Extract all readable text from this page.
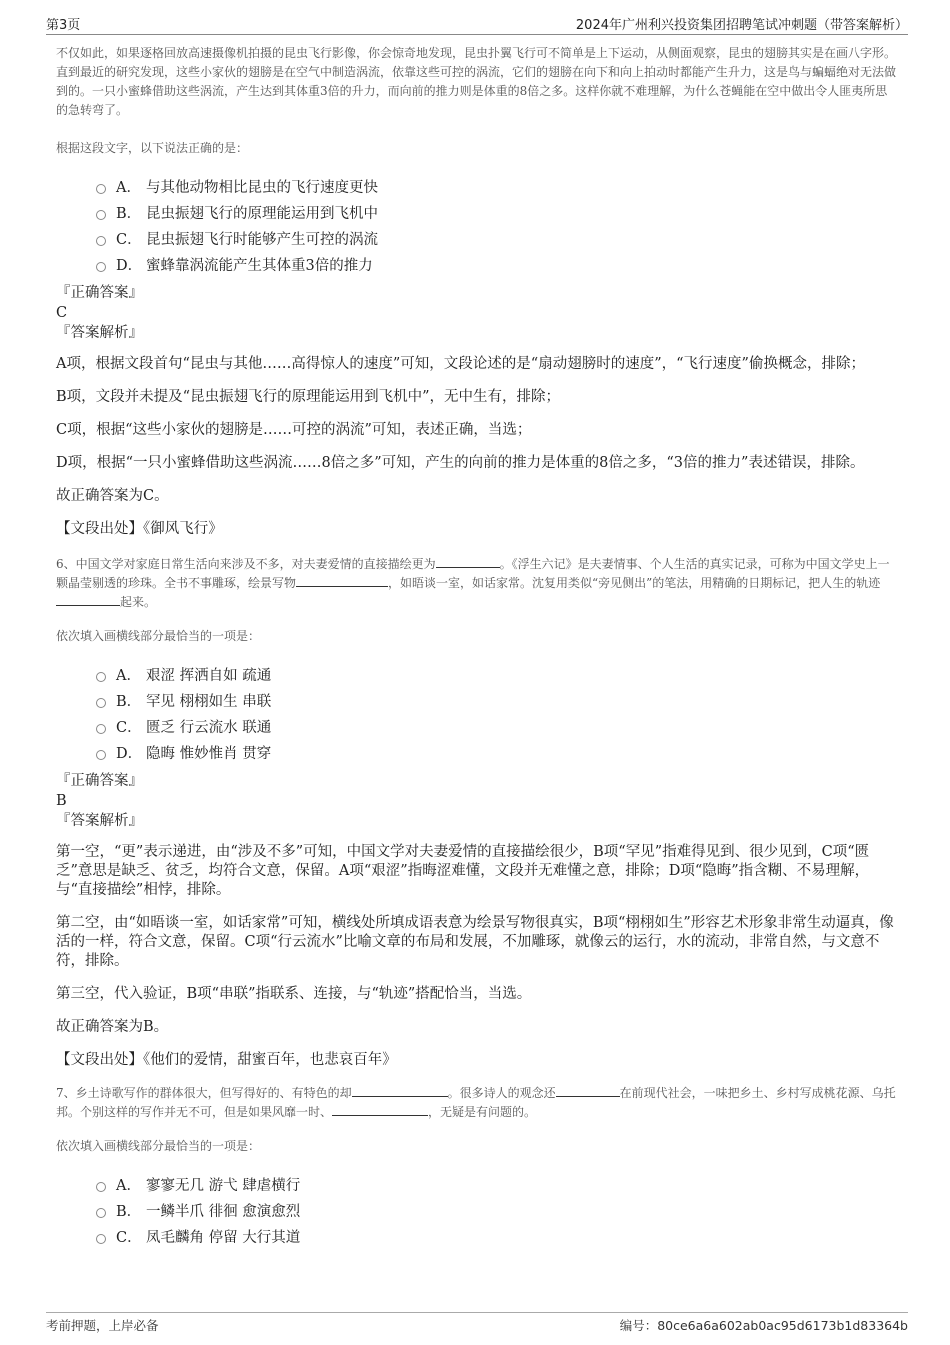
第3页	2024年广州利兴投资集团招聘笔试冲刺题（带答案解析）

不仅如此，如果逐格回放高速摄像机拍摄的昆虫飞行影像，你会惊奇地发现，昆虫扑翼飞行可不简单是上下运动，从侧面观察，昆虫的翅膀其实是在画八字形。直到最近的研究发现，这些小家伙的翅膀是在空气中制造涡流，依靠这些可控的涡流，它们的翅膀在向下和向上拍动时都能产生升力，这是鸟与蝙蝠绝对无法做到的。一只小蜜蜂借助这些涡流，产生达到其体重3倍的升力，而向前的推力则是体重的8倍之多。这样你就不难理解，为什么苍蝇能在空中做出令人匪夷所思的急转弯了。

根据这段文字，以下说法正确的是：

A． 与其他动物相比昆虫的飞行速度更快
B． 昆虫振翅飞行的原理能运用到飞机中
C． 昆虫振翅飞行时能够产生可控的涡流
D． 蜜蜂靠涡流能产生其体重3倍的推力

『正确答案』

C

『答案解析』

A项，根据文段首句“昆虫与其他……高得惊人的速度”可知，文段论述的是“扇动翅膀时的速度”，“飞行速度”偷换概念，排除；

B项，文段并未提及“昆虫振翅飞行的原理能运用到飞机中”，无中生有，排除；

C项，根据“这些小家伙的翅膀是……可控的涡流”可知，表述正确，当选；

D项，根据“一只小蜜蜂借助这些涡流……8倍之多”可知，产生的向前的推力是体重的8倍之多，“3倍的推力”表述错误，排除。

故正确答案为C。

【文段出处】《御风飞行》

6、中国文学对家庭日常生活向来涉及不多，对夫妻爱情的直接描绘更为	。《浮生六记》是夫妻情事、个人生活的真实记录，可称为中国文学史上一颗晶莹剔透的珍珠。全书不事雕琢，绘景写物	，如晤谈一室，如话家常。沈复用类似“旁见侧出”的笔法，用精确的日期标记，把人生的轨迹起来。

依次填入画横线部分最恰当的一项是：

A． 艰涩 挥洒自如 疏通
B． 罕见 栩栩如生 串联
C． 匮乏 行云流水 联通
D． 隐晦 惟妙惟肖 贯穿

『正确答案』

B

『答案解析』

第一空，“更”表示递进，由“涉及不多”可知，中国文学对夫妻爱情的直接描绘很少，B项“罕见”指难得见到、很少见到，C项“匮乏”意思是缺乏、贫乏，均符合文意，保留。A项“艰涩”指晦涩难懂，文段并无难懂之意，排除；D项“隐晦”指含糊、不易理解，与“直接描绘”相悖，排除。

第二空，由“如晤谈一室，如话家常”可知，横线处所填成语表意为绘景写物很真实，B项“栩栩如生”形容艺术形象非常生动逼真，像活的一样，符合文意，保留。C项“行云流水”比喻文章的布局和发展，不加雕琢，就像云的运行，水的流动，非常自然，与文意不符，排除。

第三空，代入验证，B项“串联”指联系、连接，与“轨迹”搭配恰当，当选。

故正确答案为B。

【文段出处】《他们的爱情，甜蜜百年，也悲哀百年》

7、乡土诗歌写作的群体很大，但写得好的、有特色的却	。很多诗人的观念还	在前现代社会，一味把乡土、乡村写成桃花源、乌托邦。个别这样的写作并无不可，但是如果风靡一时、	，无疑是有问题的。

依次填入画横线部分最恰当的一项是：

A． 寥寥无几 游弋 肆虐横行
B． 一鳞半爪 徘徊 愈演愈烈
C． 凤毛麟角 停留 大行其道
考前押题，上岸必备	编号：80ce6a6a602ab0ac95d6173b1d83364b
